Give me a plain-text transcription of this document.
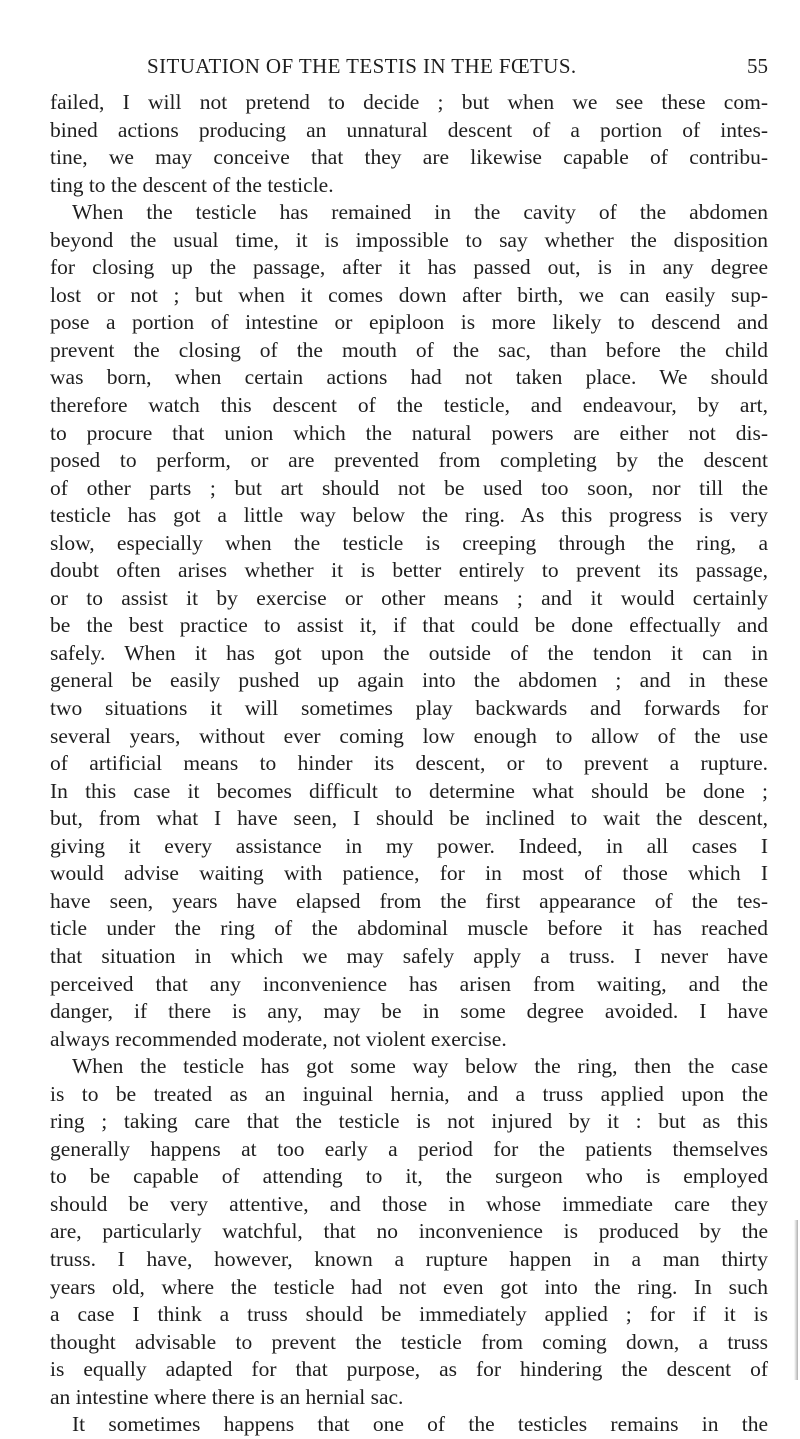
SITUATION OF THE TESTIS IN THE FŒTUS.	55
failed, I will not pretend to decide ; but when we see these com-
bined actions producing an unnatural descent of a portion of intes-
tine, we may conceive that they are likewise capable of contribu-
ting to the descent of the testicle.
When the testicle has remained in the cavity of the abdomen
beyond the usual time, it is impossible to say whether the disposition
for closing up the passage, after it has passed out, is in any degree
lost or not ; but when it comes down after birth, we can easily sup-
pose a portion of intestine or epiploon is more likely to descend and
prevent the closing of the mouth of the sac, than before the child
was born, when certain actions had not taken place. We should
therefore watch this descent of the testicle, and endeavour, by art,
to procure that union which the natural powers are either not dis-
posed to perform, or are prevented from completing by the descent
of other parts ; but art should not be used too soon, nor till the
testicle has got a little way below the ring. As this progress is very
slow, especially when the testicle is creeping through the ring, a
doubt often arises whether it is better entirely to prevent its passage,
or to assist it by exercise or other means ; and it would certainly
be the best practice to assist it, if that could be done effectually and
safely. When it has got upon the outside of the tendon it can in
general be easily pushed up again into the abdomen ; and in these
two situations it will sometimes play backwards and forwards for
several years, without ever coming low enough to allow of the use
of artificial means to hinder its descent, or to prevent a rupture.
In this case it becomes difficult to determine what should be done ;
but, from what I have seen, I should be inclined to wait the descent,
giving it every assistance in my power. Indeed, in all cases I
would advise waiting with patience, for in most of those which I
have seen, years have elapsed from the first appearance of the tes-
ticle under the ring of the abdominal muscle before it has reached
that situation in which we may safely apply a truss. I never have
perceived that any inconvenience has arisen from waiting, and the
danger, if there is any, may be in some degree avoided. I have
always recommended moderate, not violent exercise.
When the testicle has got some way below the ring, then the case
is to be treated as an inguinal hernia, and a truss applied upon the
ring ; taking care that the testicle is not injured by it : but as this
generally happens at too early a period for the patients themselves
to be capable of attending to it, the surgeon who is employed
should be very attentive, and those in whose immediate care they
are, particularly watchful, that no inconvenience is produced by the
truss. I have, however, known a rupture happen in a man thirty
years old, where the testicle had not even got into the ring. In such
a case I think a truss should be immediately applied ; for if it is
thought advisable to prevent the testicle from coming down, a truss
is equally adapted for that purpose, as for hindering the descent of
an intestine where there is an hernial sac.
It sometimes happens that one of the testicles remains in the
